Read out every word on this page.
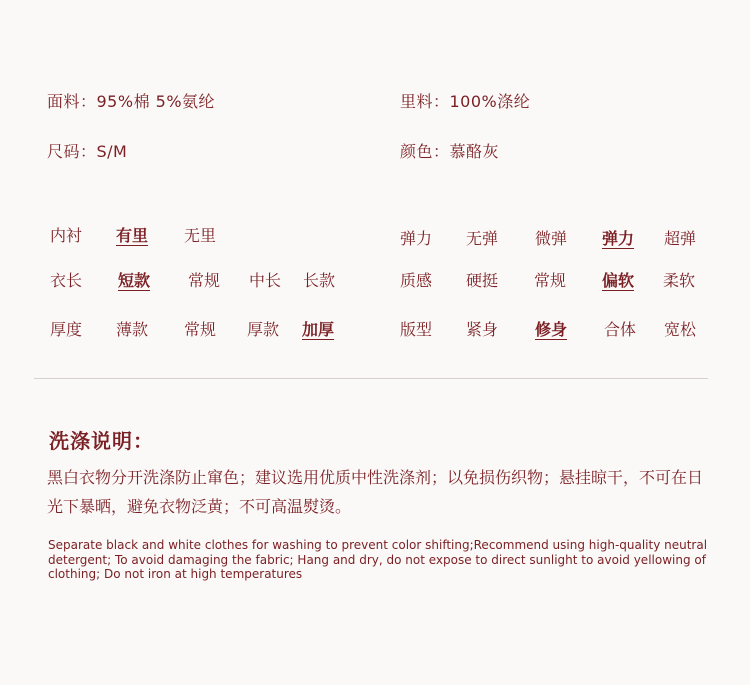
面料：95%棉 5%氨纶	里料：100%涤纶
尺码：S/M	颜色：慕酪灰
内衬 有里 无里
衣长 短款 常规 中长 长款
厚度 薄款 常规 厚款 加厚
弹力 无弹 微弹 弹力 超弹
质感 硬挺 常规 偏软 柔软
版型 紧身 修身 合体 宽松
洗涤说明：
黑白衣物分开洗涤防止窜色；建议选用优质中性洗涤剂；以免损伤织物；悬挂晾干，不可在日光下暴晒，避免衣物泛黄；不可高温熨烫。
Separate black and white clothes for washing to prevent color shifting;Recommend using high-quality neutral detergent; To avoid damaging the fabric; Hang and dry, do not expose to direct sunlight to avoid yellowing of clothing; Do not iron at high temperatures
